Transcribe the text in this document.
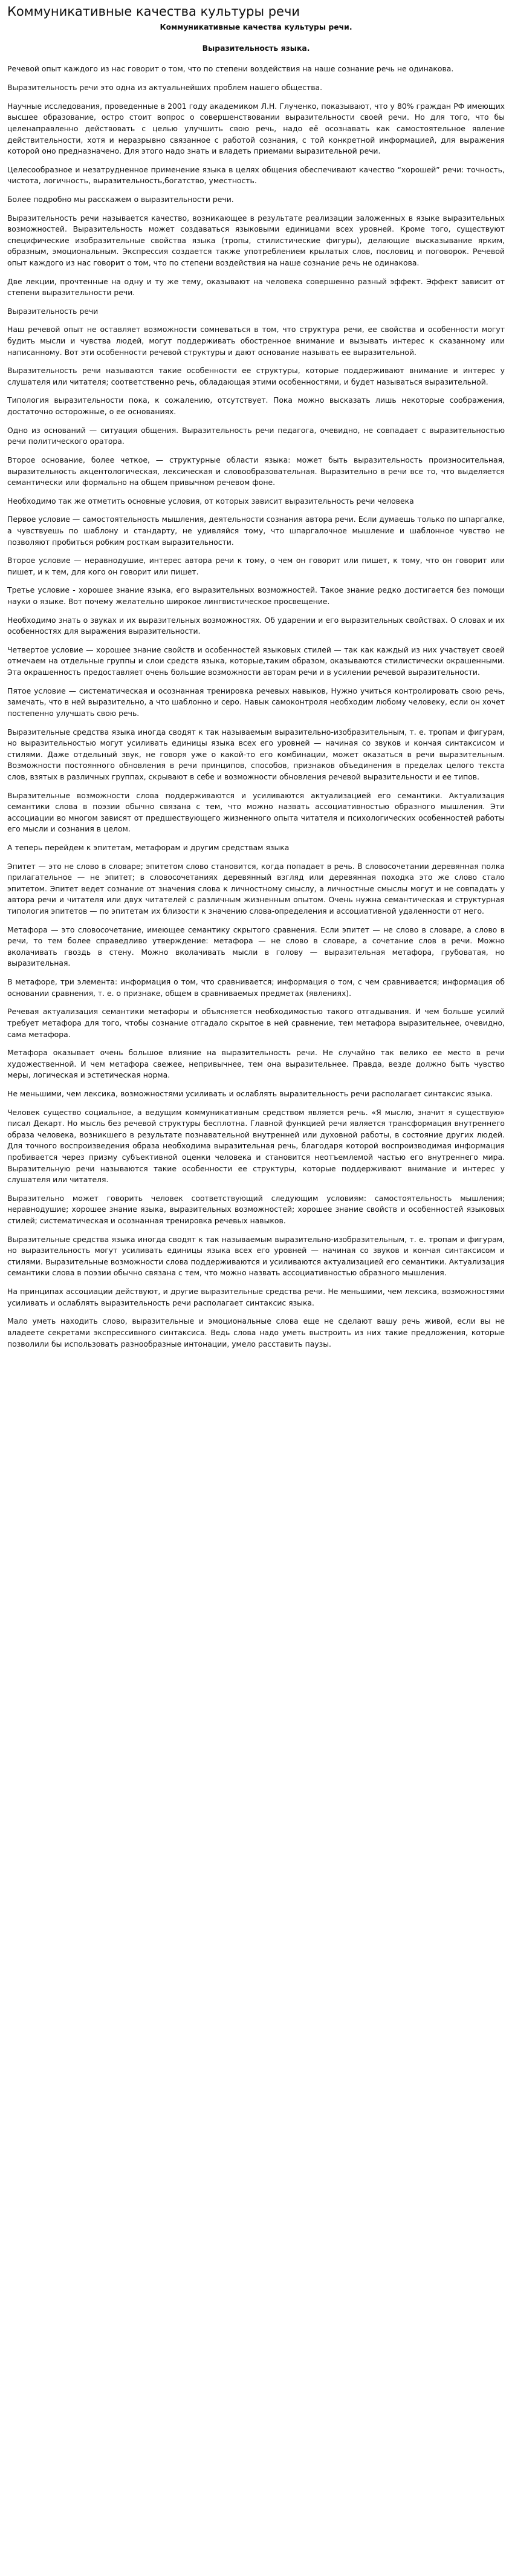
Коммуникативные качества культуры речи
Коммуникативные качества культуры речи.
Выразительность языка.

Речевой опыт каждого из нас говорит о том, что по степени воздействия на наше сознание речь не одинакова.

Выразительность речи это одна из актуальнейших проблем нашего общества.

Научные исследования, проведенные в 2001 году академиком Л.Н. Глученко, показывают, что у 80% граждан РФ имеющих высшее образование, остро стоит вопрос о совершенствовании выразительности своей речи. Но для того, что бы целенаправленно действовать с целью улучшить свою речь, надо её осознавать как самостоятельное явление действительности, хотя и неразрывно связанное с работой сознания, с той конкретной информацией, для выражения которой оно предназначено. Для этого надо знать и владеть приемами выразительной речи.

Целесообразное и незатрудненное применение языка в целях общения обеспечивают качество “хорошей” речи: точность, чистота, логичность, выразительность,богатство, уместность.

Более подробно мы расскажем о выразительности речи.

Выразительность речи называется качество, возникающее в результате реализации заложенных в языке выразительных возможностей. Выразительность может создаваться языковыми единицами всех уровней. Кроме того, существуют специфические изобразительные свойства языка (тропы, стилистические фигуры), делающие высказывание ярким, образным, эмоциональным. Экспрессия создается также употреблением крылатых слов, пословиц и поговорок. Речевой опыт каждого из нас говорит о том, что по степени воздействия на наше сознание речь не одинакова.

Две лекции, прочтенные на одну и ту же тему, оказывают на человека совершенно разный эффект. Эффект зависит от степени выразительности речи.

Выразительность речи

Наш речевой опыт не оставляет возможности сомневаться в том, что структура речи, ее свойства и особенности могут будить мысли и чувства людей, могут поддерживать обостренное внимание и вызывать интерес к сказанному или написанному. Вот эти особенности речевой структуры и дают основание называть ее выразительной.

Выразительность речи называются такие особенности ее структуры, которые поддерживают внимание и интерес у слушателя или читателя; соответственно речь, обладающая этими особенностями, и будет называться выразительной.

Типология выразительности пока, к сожалению, отсутствует. Пока можно высказать лишь некоторые соображения, достаточно осторожные, о ее основаниях.

Одно из оснований — ситуация общения. Выразительность речи педагога, очевидно, не совпадает с выразительностью речи политического оратора.

Второе основание, более четкое, — структурные области языка: может быть выразительность произносительная, выразительность акцентологическая, лексическая и словообразовательная. Выразительно в речи все то, что выделяется семантически или формально на общем привычном речевом фоне.

Необходимо так же отметить основные условия, от которых зависит выразительность речи человека

Первое условие — самостоятельность мышления, деятельности сознания автора речи. Если думаешь только по шпаргалке, а чувствуешь по шаблону и стандарту, не удивляйся тому, что шпаргалочное мышление и шаблонное чувство не позволяют пробиться робким росткам выразительности.

Второе условие — неравнодушие, интерес автора речи к тому, о чем он говорит или пишет, к тому, что он говорит или пишет, и к тем, для кого он говорит или пишет.

Третье условие - хорошее знание языка, его выразительных возможностей. Такое знание редко достигается без помощи науки о языке. Вот почему желательно широкое лингвистическое просвещение.

Необходимо знать о звуках и их выразительных возможностях. Об ударении и его выразительных свойствах. О словах и их особенностях для выражения выразительности.

Четвертое условие — хорошее знание свойств и особенностей языковых стилей — так как каждый из них участвует своей отмечаем на отдельные группы и слои средств языка, которые,таким образом, оказываются стилистически окрашенными. Эта окрашенность предоставляет очень большие возможности авторам речи и в усилении речевой выразительности.

Пятое условие — систематическая и осознанная тренировка речевых навыков, Нужно учиться контролировать свою речь, замечать, что в ней выразительно, а что шаблонно и серо. Навык самоконтроля необходим любому человеку, если он хочет постепенно улучшать свою речь.

Выразительные средства языка иногда сводят к так называемым выразительно-изобразительным, т. е. тропам и фигурам, но выразительностью могут усиливать единицы языка всех его уровней — начиная со звуков и кончая синтаксисом и стилями. Даже отдельный звук, не говоря уже о какой-то его комбинации, может оказаться в речи выразительным. Возможности постоянного обновления в речи принципов, способов, признаков объединения в пределах целого текста слов, взятых в различных группах, скрывают в себе и возможности обновления речевой выразительности и ее типов.

Выразительные возможности слова поддерживаются и усиливаются актуализацией его семантики. Актуализация семантики слова в поэзии обычно связана с тем, что можно назвать ассоциативностью образного мышления. Эти ассоциации во многом зависят от предшествующего жизненного опыта читателя и психологических особенностей работы его мысли и сознания в целом.

А теперь перейдем к эпитетам, метафорам и другим средствам языка

Эпитет — это не слово в словаре; эпитетом слово становится, когда попадает в речь. В словосочетании деревянная полка прилагательное — не эпитет; в словосочетаниях деревянный взгляд или деревянная походка это же слово стало эпитетом. Эпитет ведет сознание от значения слова к личностному смыслу, а личностные смыслы могут и не совпадать у автора речи и читателя или двух читателей с различным жизненным опытом. Очень нужна семантическая и структурная типология эпитетов — по эпитетам их близости к значению слова-определения и ассоциативной удаленности от него.

Метафора — это словосочетание, имеющее семантику скрытого сравнения. Если эпитет — не слово в словаре, а слово в речи, то тем более справедливо утверждение: метафора — не слово в словаре, а сочетание слов в речи. Можно вколачивать гвоздь в стену. Можно вколачивать мысли в голову — выразительная метафора, грубоватая, но выразительная.

В метафоре, три элемента: информация о том, что сравнивается; информация о том, с чем сравнивается; информация об основании сравнения, т. е. о признаке, общем в сравниваемых предметах (явлениях).

Речевая актуализация семантики метафоры и объясняется необходимостью такого отгадывания. И чем больше усилий требует метафора для того, чтобы сознание отгадало скрытое в ней сравнение, тем метафора выразительнее, очевидно, сама метафора.

Метафора оказывает очень большое влияние на выразительность речи. Не случайно так велико ее место в речи художественной. И чем метафора свежее, непривычнее, тем она выразительнее. Правда, везде должно быть чувство меры, логическая и эстетическая норма.

Не меньшими, чем лексика, возможностями усиливать и ослаблять выразительность речи располагает синтаксис языка.

Человек существо социальное, а ведущим коммуникативным средством является речь. «Я мыслю, значит я существую» писал Декарт. Но мысль без речевой структуры бесплотна. Главной функцией речи является трансформация внутреннего образа человека, возникшего в результате познавательной внутренней или духовной работы, в состояние других людей. Для точного воспроизведения образа необходима выразительная речь, благодаря которой воспроизводимая информация пробивается через призму субъективной оценки человека и становится неотъемлемой частью его внутреннего мира. Выразительную речи называются такие особенности ее структуры, которые поддерживают внимание и интерес у слушателя или читателя.

Выразительно может говорить человек соответствующий следующим условиям: самостоятельность мышления; неравнодушие; хорошее знание языка, выразительных возможностей; хорошее знание свойств и особенностей языковых стилей; систематическая и осознанная тренировка речевых навыков.

Выразительные средства языка иногда сводят к так называемым выразительно-изобразительным, т. е. тропам и фигурам, но выразительность могут усиливать единицы языка всех его уровней — начиная со звуков и кончая синтаксисом и стилями. Выразительные возможности слова поддерживаются и усиливаются актуализацией его семантики. Актуализация семантики слова в поэзии обычно связана с тем, что можно назвать ассоциативностью образного мышления.

На принципах ассоциации действуют, и другие выразительные средства речи. Не меньшими, чем лексика, возможностями усиливать и ослаблять выразительность речи располагает синтаксис языка.

Мало уметь находить слово, выразительные и эмоциональные слова еще не сделают вашу речь живой, если вы не владеете секретами экспрессивного синтаксиса. Ведь слова надо уметь выстроить из них такие предложения, которые позволили бы использовать разнообразные интонации, умело расставить паузы.
